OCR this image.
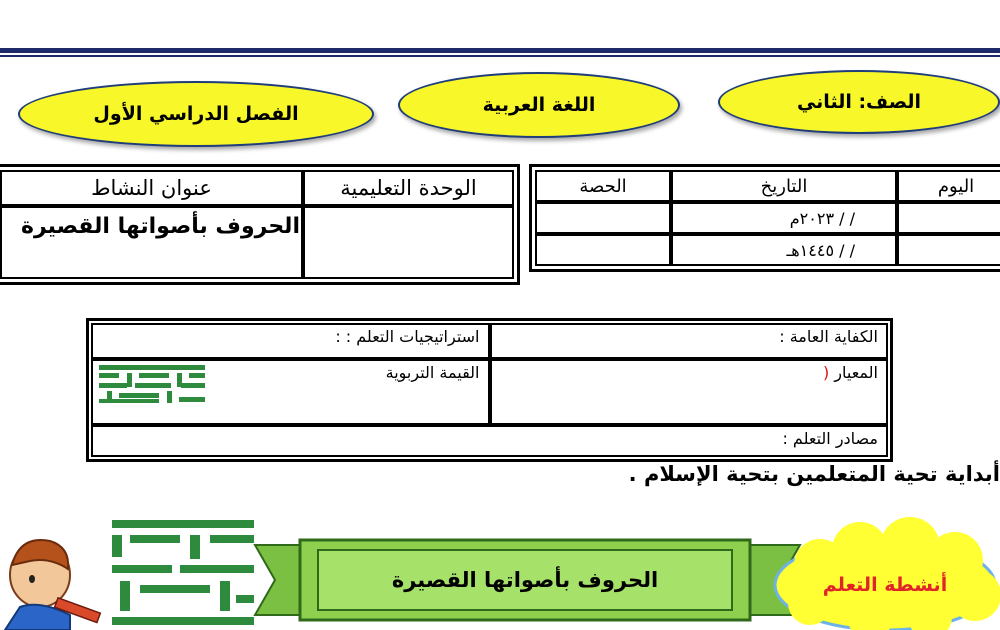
الصف: الثاني
اللغة العربية
الفصل الدراسي الأول
الوحدة التعليمية	عنوان النشاط
	الحروف بأصواتها القصيرة
اليوم	التاريخ	الحصة
	/ / ٢٠٢٣م	
	/ / ١٤٤٥هـ	
الكفاية العامة :	استراتيجيات التعلم : :
المعيار (	القيمة التربوية

مصادر التعلم :	
أبداية تحية المتعلمين بتحية الإسلام .
الحروف بأصواتها القصيرة	أنشطة التعلم
